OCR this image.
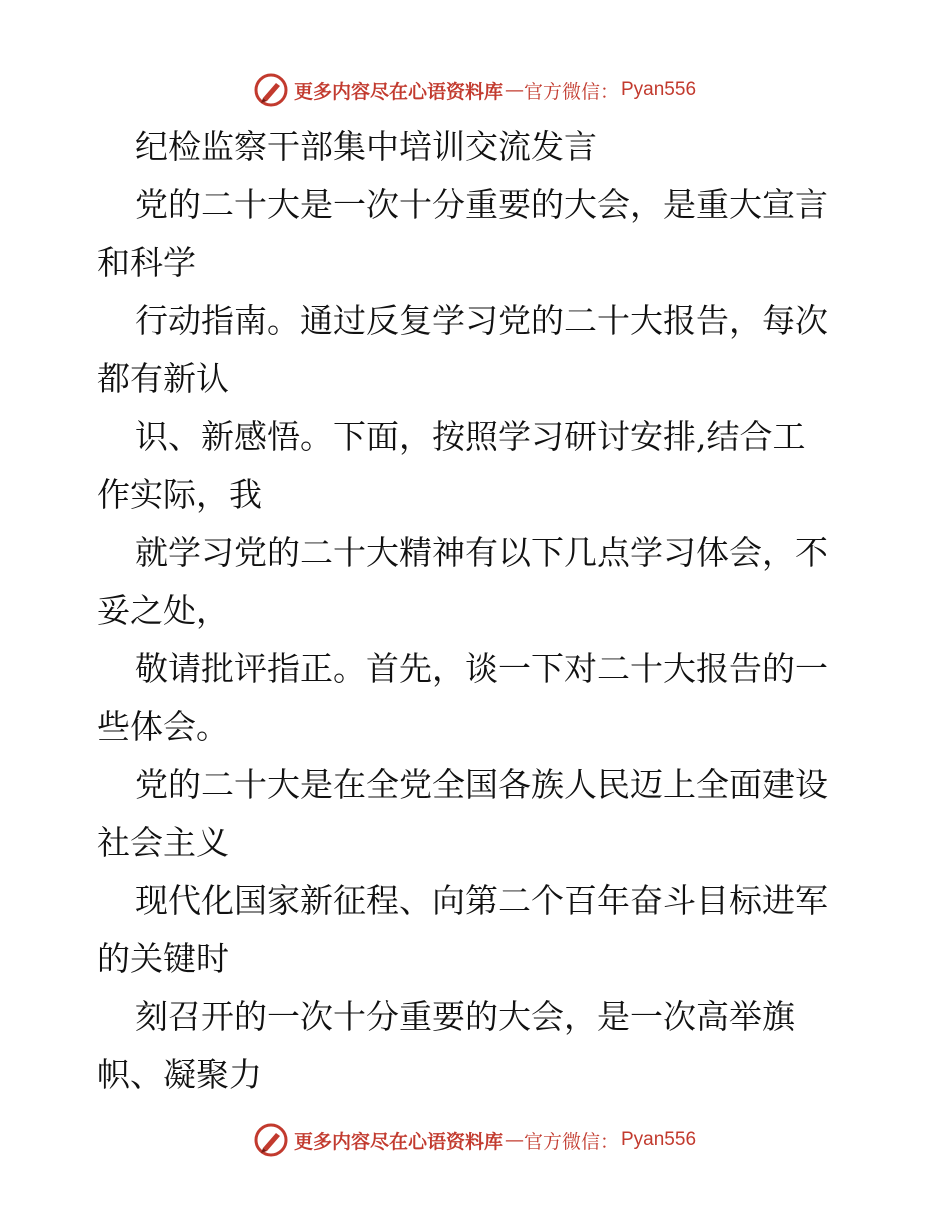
更多内容尽在心语资料库 — 官方微信： Pyan556
纪检监察干部集中培训交流发言
党的二十大是一次十分重要的大会，是重大宣言
和科学
行动指南。通过反复学习党的二十大报告，每次
都有新认
识、新感悟。下面，按照学习研讨安排,结合工
作实际，我
就学习党的二十大精神有以下几点学习体会，不
妥之处，
敬请批评指正。首先，谈一下对二十大报告的一
些体会。
党的二十大是在全党全国各族人民迈上全面建设
社会主义
现代化国家新征程、向第二个百年奋斗目标进军
的关键时
刻召开的一次十分重要的大会，是一次高举旗
帜、凝聚力
更多内容尽在心语资料库 — 官方微信： Pyan556
